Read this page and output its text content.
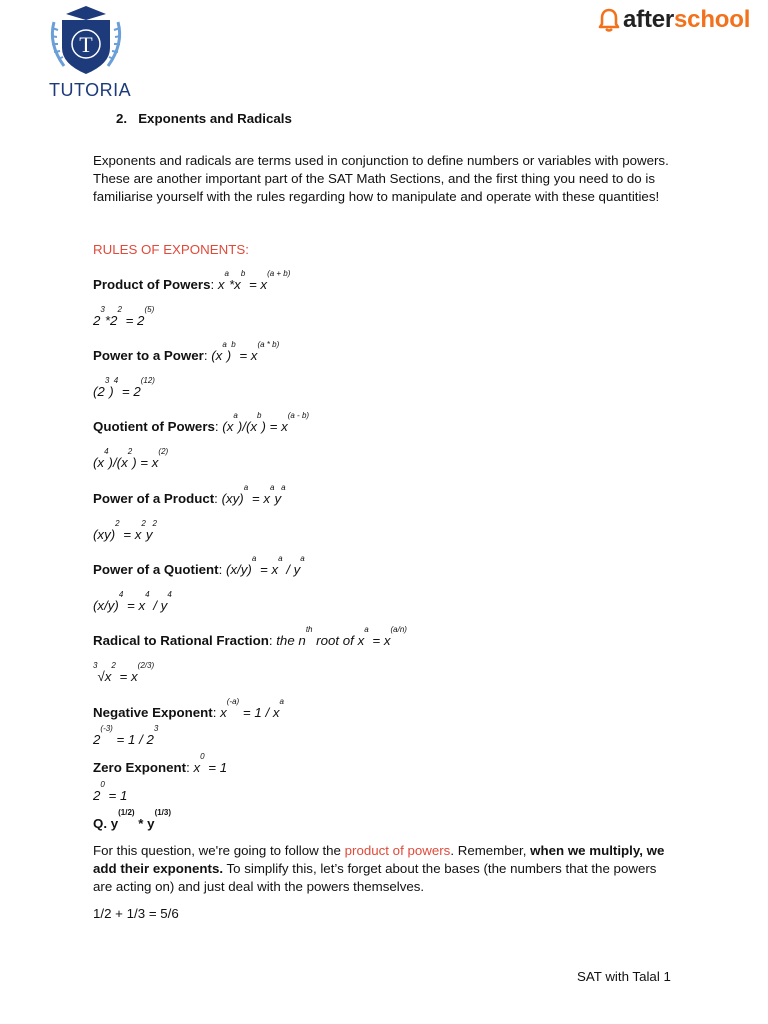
T
TUTORIA
afterschool
2. Exponents and Radicals
Exponents and radicals are terms used in conjunction to define numbers or variables with powers. These are another important part of the SAT Math Sections, and the first thing you need to do is familiarise yourself with the rules regarding how to manipulate and operate with these quantities!
RULES OF EXPONENTS:
Product of Powers: $x^a*x^b = x^{(a + b)}$
$2^3*2^2 = 2^{(5)}$
Power to a Power: $(x^a)^b = x^{(a * b)}$
$(2^3)^4 = 2^{(12)}$
Quotient of Powers: $(x^a)/(x^b) = x^{(a - b)}$
$(x^4)/(x^2) = x^{(2)}$
Power of a Product: $(xy)^a = x^ay^a$
$(xy)^2 = x^2y^2$
Power of a Quotient: $(x/y)^a = x^a / y^a$
$(x/y)^4 = x^4 / y^4$
Radical to Rational Fraction: the $n^{th}$ root of $x^a = x^{(a/n)}$
$^3√x^2 = x^{(2/3)}$
Negative Exponent: $x^{(-a)} = 1 / x^a$
$2^{(-3)} = 1 / 2^3$
Zero Exponent: $x^0 = 1$
$2^0 = 1$
Q. $y^{(1/2)} * y^{(1/3)}$
For this question, we're going to follow the product of powers. Remember, when we multiply, we add their exponents. To simplify this, let’s forget about the bases (the numbers that the powers are acting on) and just deal with the powers themselves.
1/2 + 1/3 = 5/6
SAT with Talal 1
